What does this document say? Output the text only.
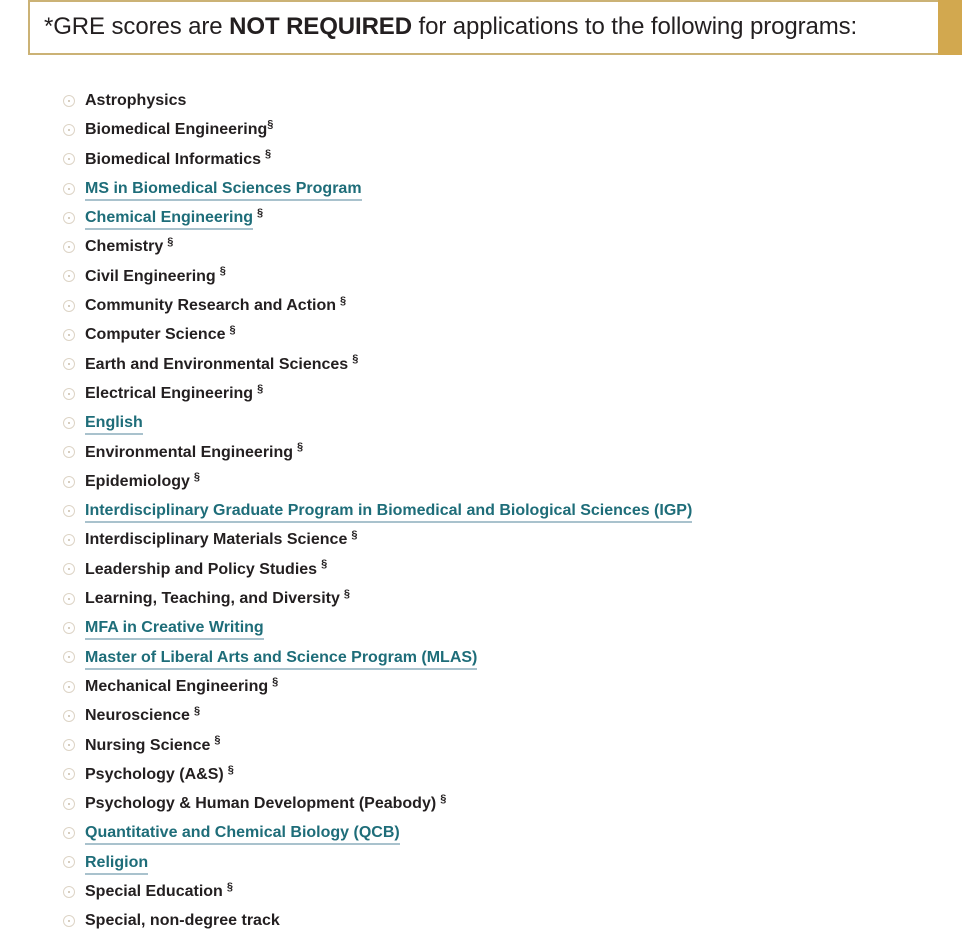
*GRE scores are NOT REQUIRED for applications to the following programs:
Astrophysics
Biomedical Engineering§
Biomedical Informatics §
MS in Biomedical Sciences Program
Chemical Engineering §
Chemistry §
Civil Engineering §
Community Research and Action §
Computer Science §
Earth and Environmental Sciences §
Electrical Engineering §
English
Environmental Engineering §
Epidemiology §
Interdisciplinary Graduate Program in Biomedical and Biological Sciences (IGP)
Interdisciplinary Materials Science §
Leadership and Policy Studies §
Learning, Teaching, and Diversity §
MFA in Creative Writing
Master of Liberal Arts and Science Program (MLAS)
Mechanical Engineering §
Neuroscience §
Nursing Science §
Psychology (A&S) §
Psychology & Human Development (Peabody) §
Quantitative and Chemical Biology (QCB)
Religion
Special Education §
Special, non-degree track
